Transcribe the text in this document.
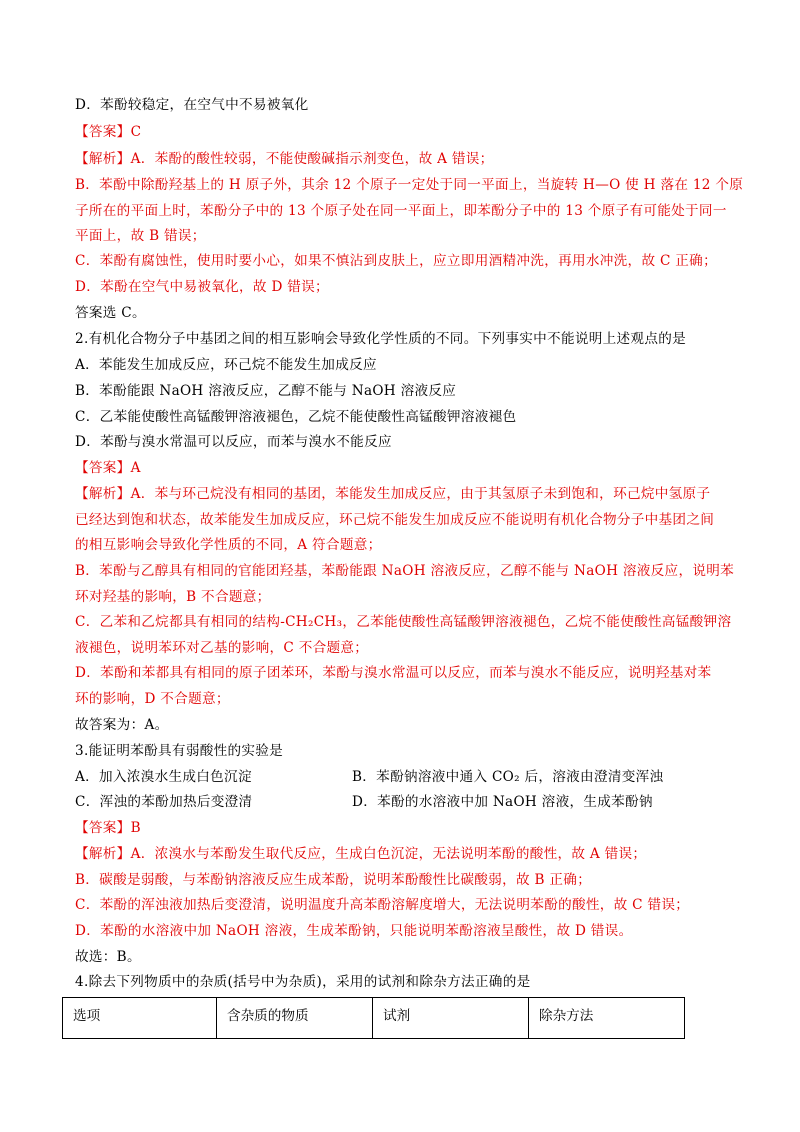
D．苯酚较稳定，在空气中不易被氧化
【答案】C
【解析】A．苯酚的酸性较弱，不能使酸碱指示剂变色，故 A 错误；
B．苯酚中除酚羟基上的 H 原子外，其余 12 个原子一定处于同一平面上，当旋转 H—O 使 H 落在 12 个原
子所在的平面上时，苯酚分子中的 13 个原子处在同一平面上，即苯酚分子中的 13 个原子有可能处于同一
平面上，故 B 错误；
C．苯酚有腐蚀性，使用时要小心，如果不慎沾到皮肤上，应立即用酒精冲洗，再用水冲洗，故 C 正确；
D．苯酚在空气中易被氧化，故 D 错误；
答案选 C。
2.有机化合物分子中基团之间的相互影响会导致化学性质的不同。下列事实中不能说明上述观点的是
A．苯能发生加成反应，环己烷不能发生加成反应
B．苯酚能跟 NaOH 溶液反应，乙醇不能与 NaOH 溶液反应
C．乙苯能使酸性高锰酸钾溶液褪色，乙烷不能使酸性高锰酸钾溶液褪色
D．苯酚与溴水常温可以反应，而苯与溴水不能反应
【答案】A
【解析】A．苯与环己烷没有相同的基团，苯能发生加成反应，由于其氢原子未到饱和，环己烷中氢原子
已经达到饱和状态，故苯能发生加成反应，环己烷不能发生加成反应不能说明有机化合物分子中基团之间
的相互影响会导致化学性质的不同，A 符合题意；
B．苯酚与乙醇具有相同的官能团羟基，苯酚能跟 NaOH 溶液反应，乙醇不能与 NaOH 溶液反应，说明苯
环对羟基的影响，B 不合题意；
C．乙苯和乙烷都具有相同的结构-CH₂CH₃，乙苯能使酸性高锰酸钾溶液褪色，乙烷不能使酸性高锰酸钾溶
液褪色，说明苯环对乙基的影响，C 不合题意；
D．苯酚和苯都具有相同的原子团苯环，苯酚与溴水常温可以反应，而苯与溴水不能反应，说明羟基对苯
环的影响，D 不合题意；
故答案为：A。
3.能证明苯酚具有弱酸性的实验是
A．加入浓溴水生成白色沉淀	B．苯酚钠溶液中通入 CO₂ 后，溶液由澄清变浑浊
C．浑浊的苯酚加热后变澄清	D．苯酚的水溶液中加 NaOH 溶液，生成苯酚钠
【答案】B
【解析】A．浓溴水与苯酚发生取代反应，生成白色沉淀，无法说明苯酚的酸性，故 A 错误；
B．碳酸是弱酸，与苯酚钠溶液反应生成苯酚，说明苯酚酸性比碳酸弱，故 B 正确；
C．苯酚的浑浊液加热后变澄清，说明温度升高苯酚溶解度增大，无法说明苯酚的酸性，故 C 错误；
D．苯酚的水溶液中加 NaOH 溶液，生成苯酚钠，只能说明苯酚溶液呈酸性，故 D 错误。
故选：B。
4.除去下列物质中的杂质(括号中为杂质)，采用的试剂和除杂方法正确的是
选项	含杂质的物质	试剂	除杂方法
